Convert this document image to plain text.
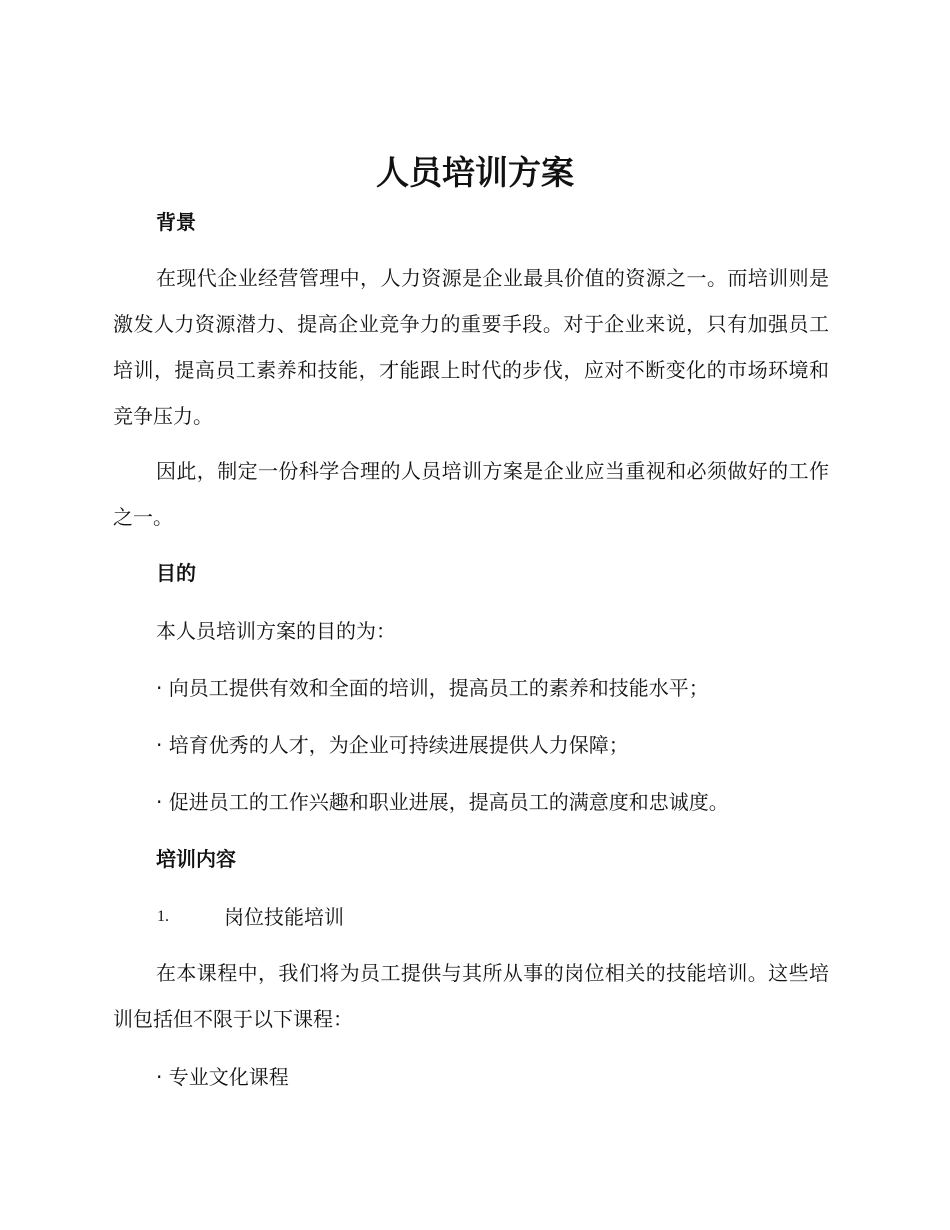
人员培训方案
背景

在现代企业经营管理中，人力资源是企业最具价值的资源之一。而培训则是激发人力资源潜力、提高企业竞争力的重要手段。对于企业来说，只有加强员工培训，提高员工素养和技能，才能跟上时代的步伐，应对不断变化的市场环境和竞争压力。

因此，制定一份科学合理的人员培训方案是企业应当重视和必须做好的工作之一。

目的
本人员培训方案的目的为：
· 向员工提供有效和全面的培训，提高员工的素养和技能水平；
· 培育优秀的人才，为企业可持续进展提供人力保障；
· 促进员工的工作兴趣和职业进展，提高员工的满意度和忠诚度。
培训内容
1.	岗位技能培训

在本课程中，我们将为员工提供与其所从事的岗位相关的技能培训。这些培训包括但不限于以下课程：

· 专业文化课程
